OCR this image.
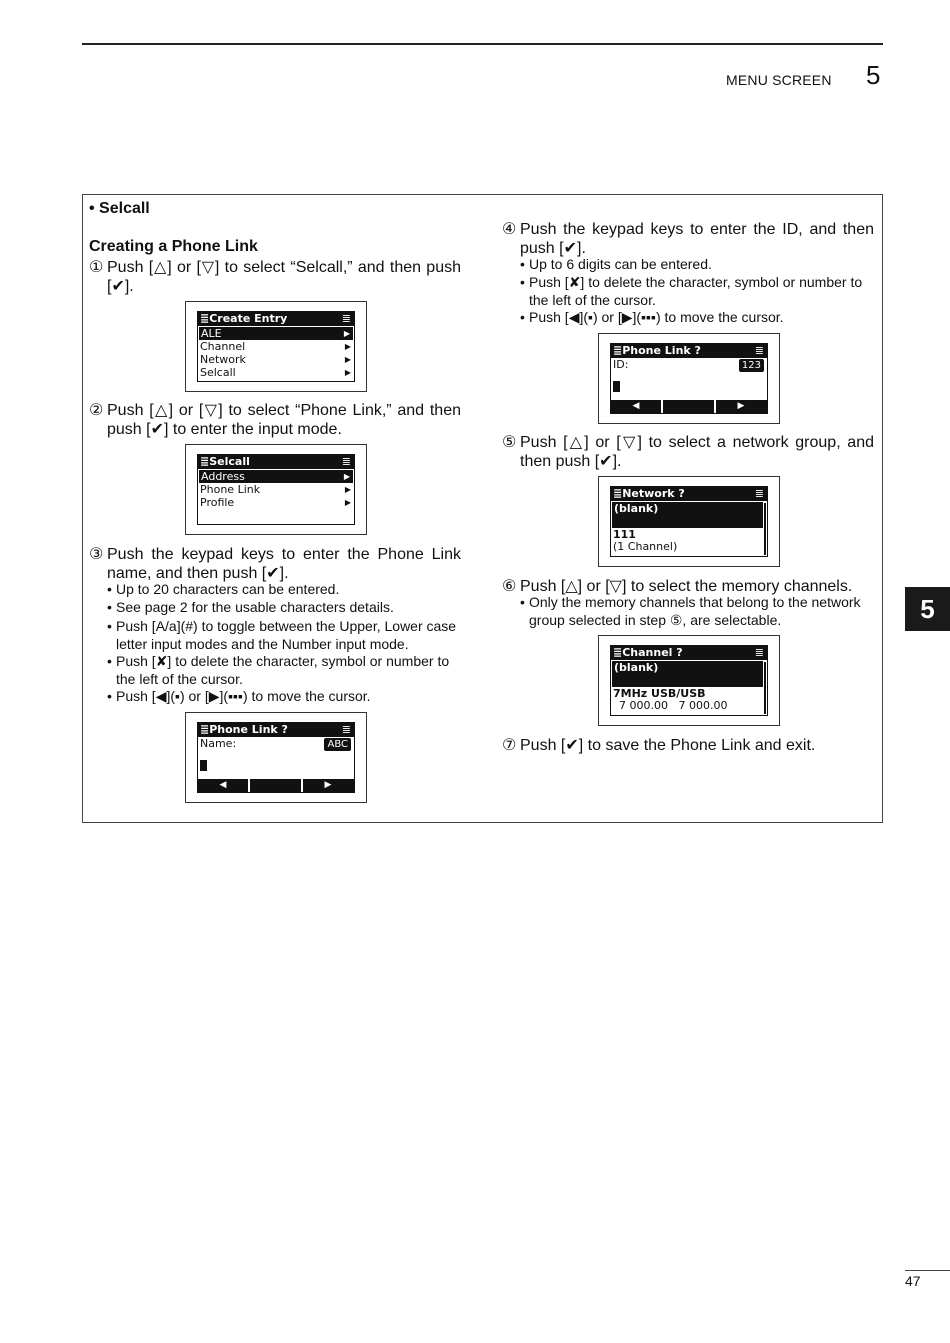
MENU SCREEN 5
• Selcall
Creating a Phone Link
① Push [△] or [▽] to select “Selcall,” and then push [✔].
≣Create Entry	≣
ALE	▶
Channel	▶
Network	▶
Selcall	▶
② Push [△] or [▽] to select “Phone Link,” and then push [✔] to enter the input mode.
≣Selcall	≣
Address	▶
Phone Link	▶
Profile	▶
③ Push the keypad keys to enter the Phone Link name, and then push [✔].
• Up to 20 characters can be entered.
• See page 2 for the usable characters details.
• Push [A/a](#) to toggle between the Upper, Lower case letter input modes and the Number input mode.
• Push [✘] to delete the character, symbol or number to the left of the cursor.
• Push [◀](▪) or [▶](▪▪▪) to move the cursor.
≣Phone Link ?	≣
Name:	ABC
◀	▶
④ Push the keypad keys to enter the ID, and then push [✔].
• Up to 6 digits can be entered.
• Push [✘] to delete the character, symbol or number to the left of the cursor.
• Push [◀](▪) or [▶](▪▪▪) to move the cursor.
≣Phone Link ?	≣
ID:	123
◀	▶
⑤ Push [△] or [▽] to select a network group, and then push [✔].
≣Network ?	≣
(blank)
111
(1 Channel)
⑥ Push [△] or [▽] to select the memory channels.
• Only the memory channels that belong to the network group selected in step ⑤, are selectable.
≣Channel ?	≣
(blank)
7MHz USB/USB
7 000.00   7 000.00
⑦ Push [✔] to save the Phone Link and exit.
5
47
